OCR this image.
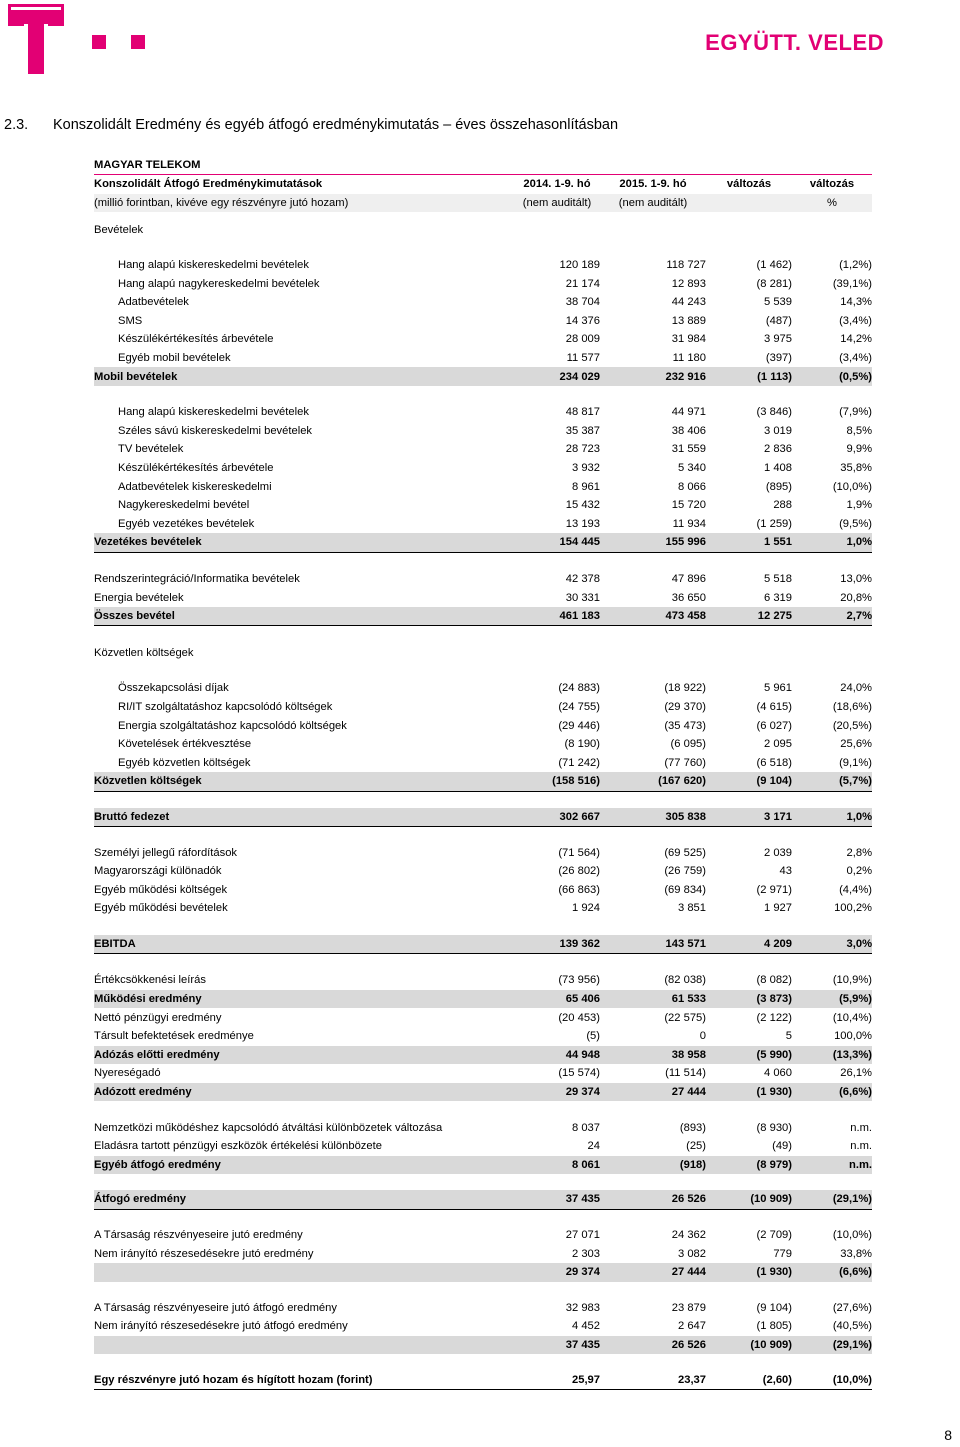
EGYÜTT. VELED
2.3. Konszolidált Eredmény és egyéb átfogó eredménykimutatás – éves összehasonlításban
MAGYAR TELEKOM				
Konszolidált Átfogó Eredménykimutatások	2014. 1-9. hó	2015. 1-9. hó	változás	változás
(millió forintban, kivéve egy részvényre jutó hozam)	(nem auditált)	(nem auditált)		%

Bevételek				

Hang alapú kiskereskedelmi bevételek	120 189	118 727	(1 462)	(1,2%)
Hang alapú nagykereskedelmi bevételek	21 174	12 893	(8 281)	(39,1%)
Adatbevételek	38 704	44 243	5 539	14,3%
SMS	14 376	13 889	(487)	(3,4%)
Készülékértékesítés árbevétele	28 009	31 984	3 975	14,2%
Egyéb mobil bevételek	11 577	11 180	(397)	(3,4%)
Mobil bevételek	234 029	232 916	(1 113)	(0,5%)

Hang alapú kiskereskedelmi bevételek	48 817	44 971	(3 846)	(7,9%)
Széles sávú kiskereskedelmi bevételek	35 387	38 406	3 019	8,5%
TV bevételek	28 723	31 559	2 836	9,9%
Készülékértékesítés árbevétele	3 932	5 340	1 408	35,8%
Adatbevételek kiskereskedelmi	8 961	8 066	(895)	(10,0%)
Nagykereskedelmi bevétel	15 432	15 720	288	1,9%
Egyéb vezetékes bevételek	13 193	11 934	(1 259)	(9,5%)
Vezetékes bevételek	154 445	155 996	1 551	1,0%

Rendszerintegráció/Informatika bevételek	42 378	47 896	5 518	13,0%
Energia bevételek	30 331	36 650	6 319	20,8%
Összes bevétel	461 183	473 458	12 275	2,7%

Közvetlen költségek				

Összekapcsolási díjak	(24 883)	(18 922)	5 961	24,0%
RI/IT szolgáltatáshoz kapcsolódó költségek	(24 755)	(29 370)	(4 615)	(18,6%)
Energia szolgáltatáshoz kapcsolódó költségek	(29 446)	(35 473)	(6 027)	(20,5%)
Követelések értékvesztése	(8 190)	(6 095)	2 095	25,6%
Egyéb közvetlen költségek	(71 242)	(77 760)	(6 518)	(9,1%)
Közvetlen költségek	(158 516)	(167 620)	(9 104)	(5,7%)

Bruttó fedezet	302 667	305 838	3 171	1,0%

Személyi jellegű ráfordítások	(71 564)	(69 525)	2 039	2,8%
Magyarországi különadók	(26 802)	(26 759)	43	0,2%
Egyéb működési költségek	(66 863)	(69 834)	(2 971)	(4,4%)
Egyéb működési bevételek	1 924	3 851	1 927	100,2%

EBITDA	139 362	143 571	4 209	3,0%

Értékcsökkenési leírás	(73 956)	(82 038)	(8 082)	(10,9%)
Működési eredmény	65 406	61 533	(3 873)	(5,9%)
Nettó pénzügyi eredmény	(20 453)	(22 575)	(2 122)	(10,4%)
Társult befektetések eredménye	(5)	0	5	100,0%
Adózás előtti eredmény	44 948	38 958	(5 990)	(13,3%)
Nyereségadó	(15 574)	(11 514)	4 060	26,1%
Adózott eredmény	29 374	27 444	(1 930)	(6,6%)

Nemzetközi működéshez kapcsolódó átváltási különbözetek változása	8 037	(893)	(8 930)	n.m.
Eladásra tartott pénzügyi eszközök értékelési különbözete	24	(25)	(49)	n.m.
Egyéb átfogó eredmény	8 061	(918)	(8 979)	n.m.

Átfogó eredmény	37 435	26 526	(10 909)	(29,1%)

A Társaság részvényeseire jutó eredmény	27 071	24 362	(2 709)	(10,0%)
Nem irányító részesedésekre jutó eredmény	2 303	3 082	779	33,8%
	29 374	27 444	(1 930)	(6,6%)

A Társaság részvényeseire jutó átfogó eredmény	32 983	23 879	(9 104)	(27,6%)
Nem irányító részesedésekre jutó átfogó eredmény	4 452	2 647	(1 805)	(40,5%)
	37 435	26 526	(10 909)	(29,1%)

Egy részvényre jutó hozam és hígított hozam (forint)	25,97	23,37	(2,60)	(10,0%)
8
